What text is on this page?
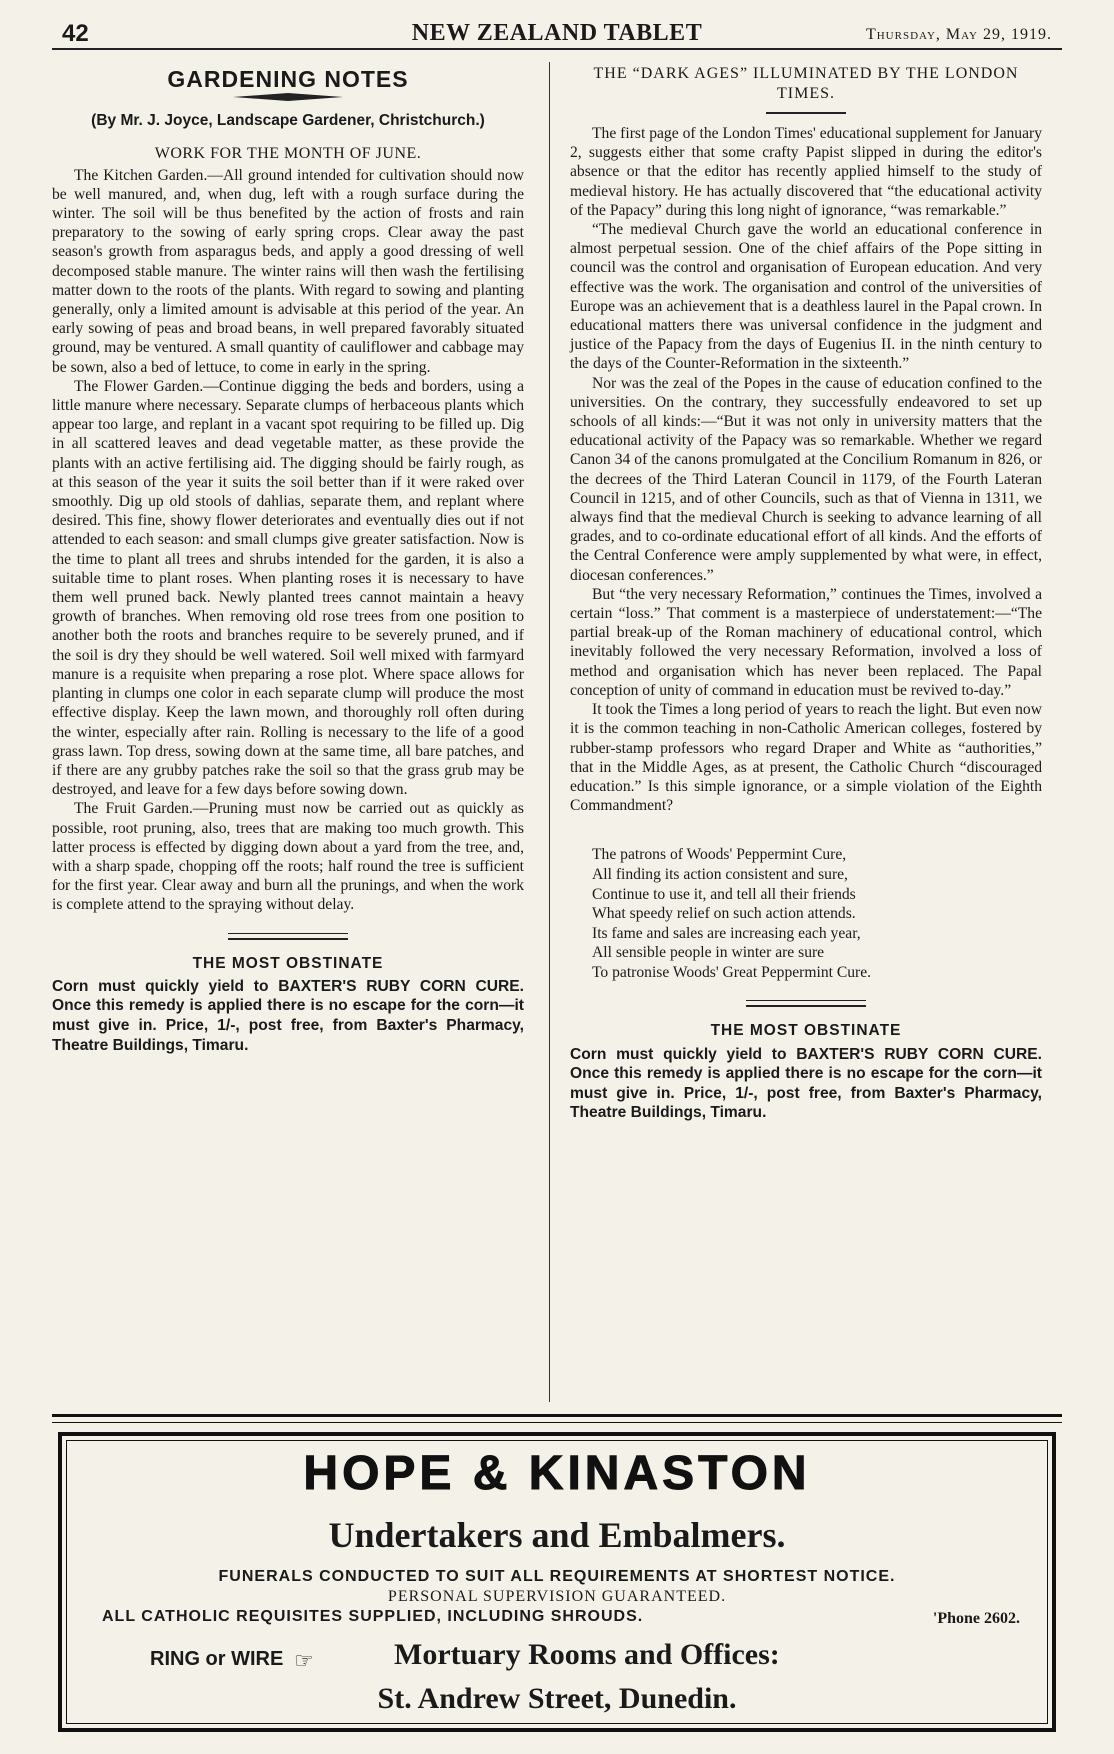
42	NEW ZEALAND TABLET	Thursday, May 29, 1919.
GARDENING NOTES
(By Mr. J. Joyce, Landscape Gardener, Christchurch.)
WORK FOR THE MONTH OF JUNE.

The Kitchen Garden.—All ground intended for cultivation should now be well manured, and, when dug, left with a rough surface during the winter. The soil will be thus benefited by the action of frosts and rain preparatory to the sowing of early spring crops. Clear away the past season's growth from asparagus beds, and apply a good dressing of well decomposed stable manure. The winter rains will then wash the fertilising matter down to the roots of the plants. With regard to sowing and planting generally, only a limited amount is advisable at this period of the year. An early sowing of peas and broad beans, in well prepared favorably situated ground, may be ventured. A small quantity of cauliflower and cabbage may be sown, also a bed of lettuce, to come in early in the spring.

The Flower Garden.—Continue digging the beds and borders, using a little manure where necessary. Separate clumps of herbaceous plants which appear too large, and replant in a vacant spot requiring to be filled up. Dig in all scattered leaves and dead vegetable matter, as these provide the plants with an active fertilising aid. The digging should be fairly rough, as at this season of the year it suits the soil better than if it were raked over smoothly. Dig up old stools of dahlias, separate them, and replant where desired. This fine, showy flower deteriorates and eventually dies out if not attended to each season: and small clumps give greater satisfaction. Now is the time to plant all trees and shrubs intended for the garden, it is also a suitable time to plant roses. When planting roses it is necessary to have them well pruned back. Newly planted trees cannot maintain a heavy growth of branches. When removing old rose trees from one position to another both the roots and branches require to be severely pruned, and if the soil is dry they should be well watered. Soil well mixed with farmyard manure is a requisite when preparing a rose plot. Where space allows for planting in clumps one color in each separate clump will produce the most effective display. Keep the lawn mown, and thoroughly roll often during the winter, especially after rain. Rolling is necessary to the life of a good grass lawn. Top dress, sowing down at the same time, all bare patches, and if there are any grubby patches rake the soil so that the grass grub may be destroyed, and leave for a few days before sowing down.

The Fruit Garden.—Pruning must now be carried out as quickly as possible, root pruning, also, trees that are making too much growth. This latter process is effected by digging down about a yard from the tree, and, with a sharp spade, chopping off the roots; half round the tree is sufficient for the first year. Clear away and burn all the prunings, and when the work is complete attend to the spraying without delay.

THE MOST OBSTINATE

Corn must quickly yield to BAXTER'S RUBY CORN CURE. Once this remedy is applied there is no escape for the corn—it must give in. Price, 1/-, post free, from Baxter's Pharmacy, Theatre Buildings, Timaru.

THE “DARK AGES” ILLUMINATED BY THE LONDON TIMES.

The first page of the London Times' educational supplement for January 2, suggests either that some crafty Papist slipped in during the editor's absence or that the editor has recently applied himself to the study of medieval history. He has actually discovered that “the educational activity of the Papacy” during this long night of ignorance, “was remarkable.”

“The medieval Church gave the world an educational conference in almost perpetual session. One of the chief affairs of the Pope sitting in council was the control and organisation of European education. And very effective was the work. The organisation and control of the universities of Europe was an achievement that is a deathless laurel in the Papal crown. In educational matters there was universal confidence in the judgment and justice of the Papacy from the days of Eugenius II. in the ninth century to the days of the Counter-Reformation in the sixteenth.”

Nor was the zeal of the Popes in the cause of education confined to the universities. On the contrary, they successfully endeavored to set up schools of all kinds:—“But it was not only in university matters that the educational activity of the Papacy was so remarkable. Whether we regard Canon 34 of the canons promulgated at the Concilium Romanum in 826, or the decrees of the Third Lateran Council in 1179, of the Fourth Lateran Council in 1215, and of other Councils, such as that of Vienna in 1311, we always find that the medieval Church is seeking to advance learning of all grades, and to co-ordinate educational effort of all kinds. And the efforts of the Central Conference were amply supplemented by what were, in effect, diocesan conferences.”

But “the very necessary Reformation,” continues the Times, involved a certain “loss.” That comment is a masterpiece of understatement:—“The partial break-up of the Roman machinery of educational control, which inevitably followed the very necessary Reformation, involved a loss of method and organisation which has never been replaced. The Papal conception of unity of command in education must be revived to-day.”

It took the Times a long period of years to reach the light. But even now it is the common teaching in non-Catholic American colleges, fostered by rubber-stamp professors who regard Draper and White as “authorities,” that in the Middle Ages, as at present, the Catholic Church “discouraged education.” Is this simple ignorance, or a simple violation of the Eighth Commandment?

The patrons of Woods' Peppermint Cure,
All finding its action consistent and sure,
Continue to use it, and tell all their friends
What speedy relief on such action attends.
Its fame and sales are increasing each year,
All sensible people in winter are sure
To patronise Woods' Great Peppermint Cure.
THE MOST OBSTINATE

Corn must quickly yield to BAXTER'S RUBY CORN CURE. Once this remedy is applied there is no escape for the corn—it must give in. Price, 1/-, post free, from Baxter's Pharmacy, Theatre Buildings, Timaru.

HOPE & KINASTON
Undertakers and Embalmers.
FUNERALS CONDUCTED TO SUIT ALL REQUIREMENTS AT SHORTEST NOTICE.
PERSONAL SUPERVISION GUARANTEED.
ALL CATHOLIC REQUISITES SUPPLIED, INCLUDING SHROUDS.	'Phone 2602.
RING or WIRE ☞	Mortuary Rooms and Offices:
St. Andrew Street, Dunedin.
